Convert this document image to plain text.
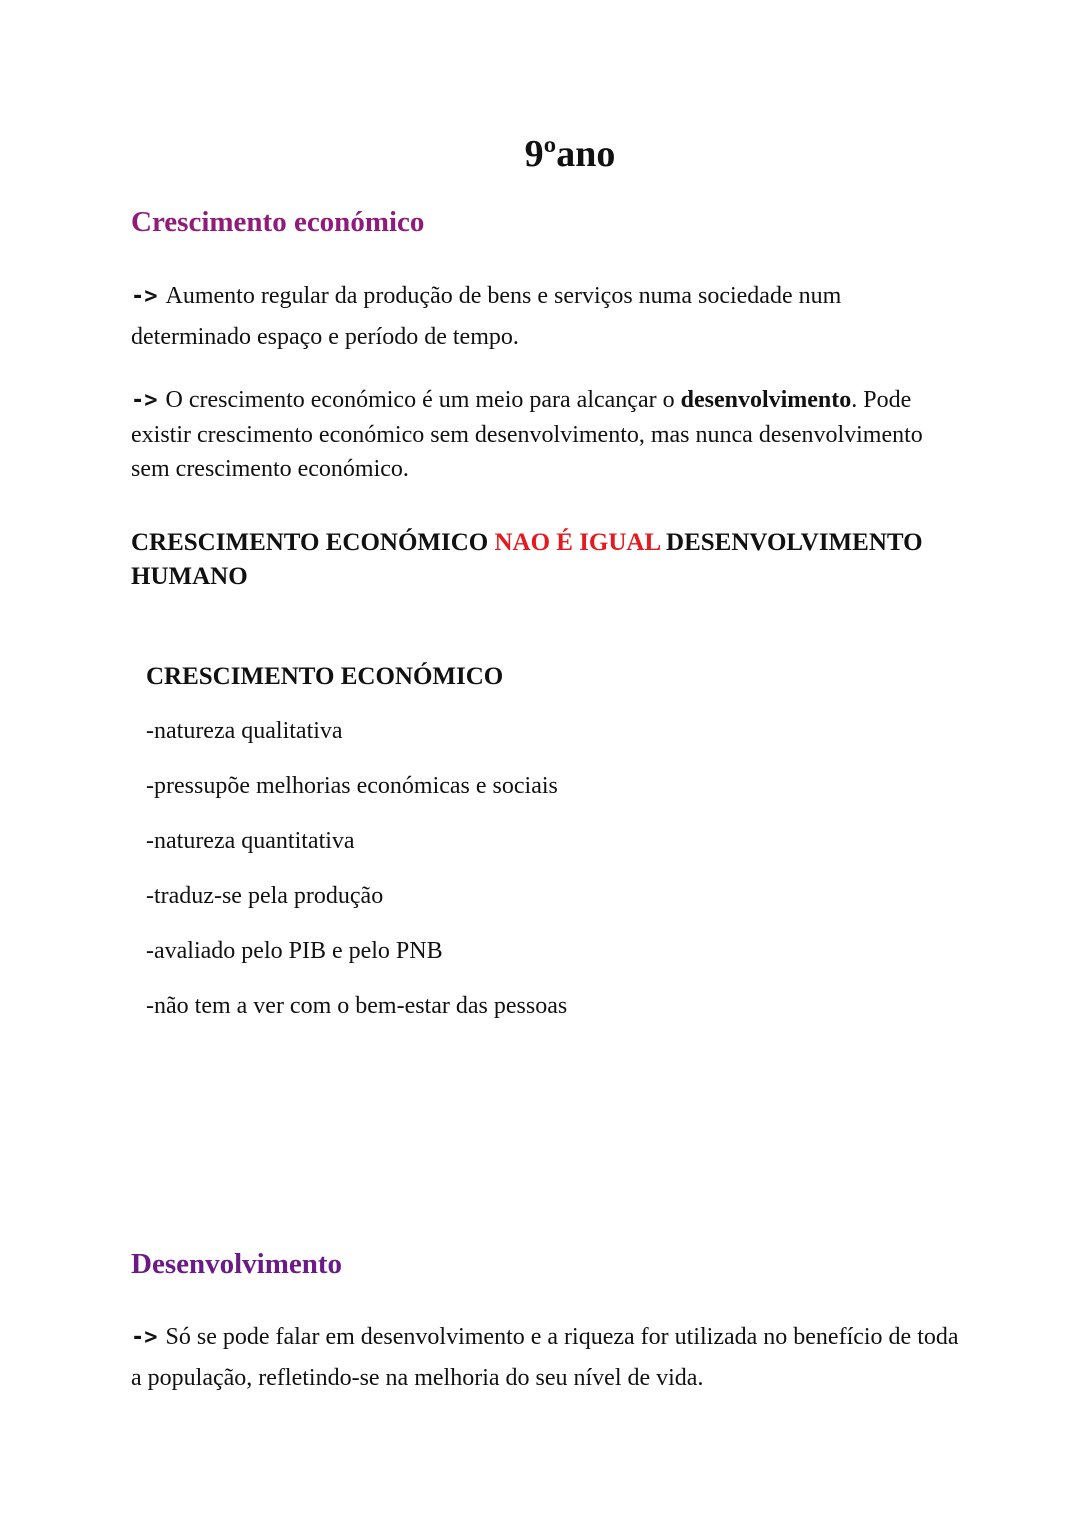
9ºano
Crescimento económico
-> Aumento regular da produção de bens e serviços numa sociedade num determinado espaço e período de tempo.
-> O crescimento económico é um meio para alcançar o desenvolvimento. Pode existir crescimento económico sem desenvolvimento, mas nunca desenvolvimento sem crescimento económico.
CRESCIMENTO ECONÓMICO NAO É IGUAL DESENVOLVIMENTO HUMANO
CRESCIMENTO ECONÓMICO
-natureza qualitativa
-pressupõe melhorias económicas e sociais
-natureza quantitativa
-traduz-se pela produção
-avaliado pelo PIB e pelo PNB
-não tem a ver com o bem-estar das pessoas
Desenvolvimento
-> Só se pode falar em desenvolvimento e a riqueza for utilizada no benefício de toda a população, refletindo-se na melhoria do seu nível de vida.
